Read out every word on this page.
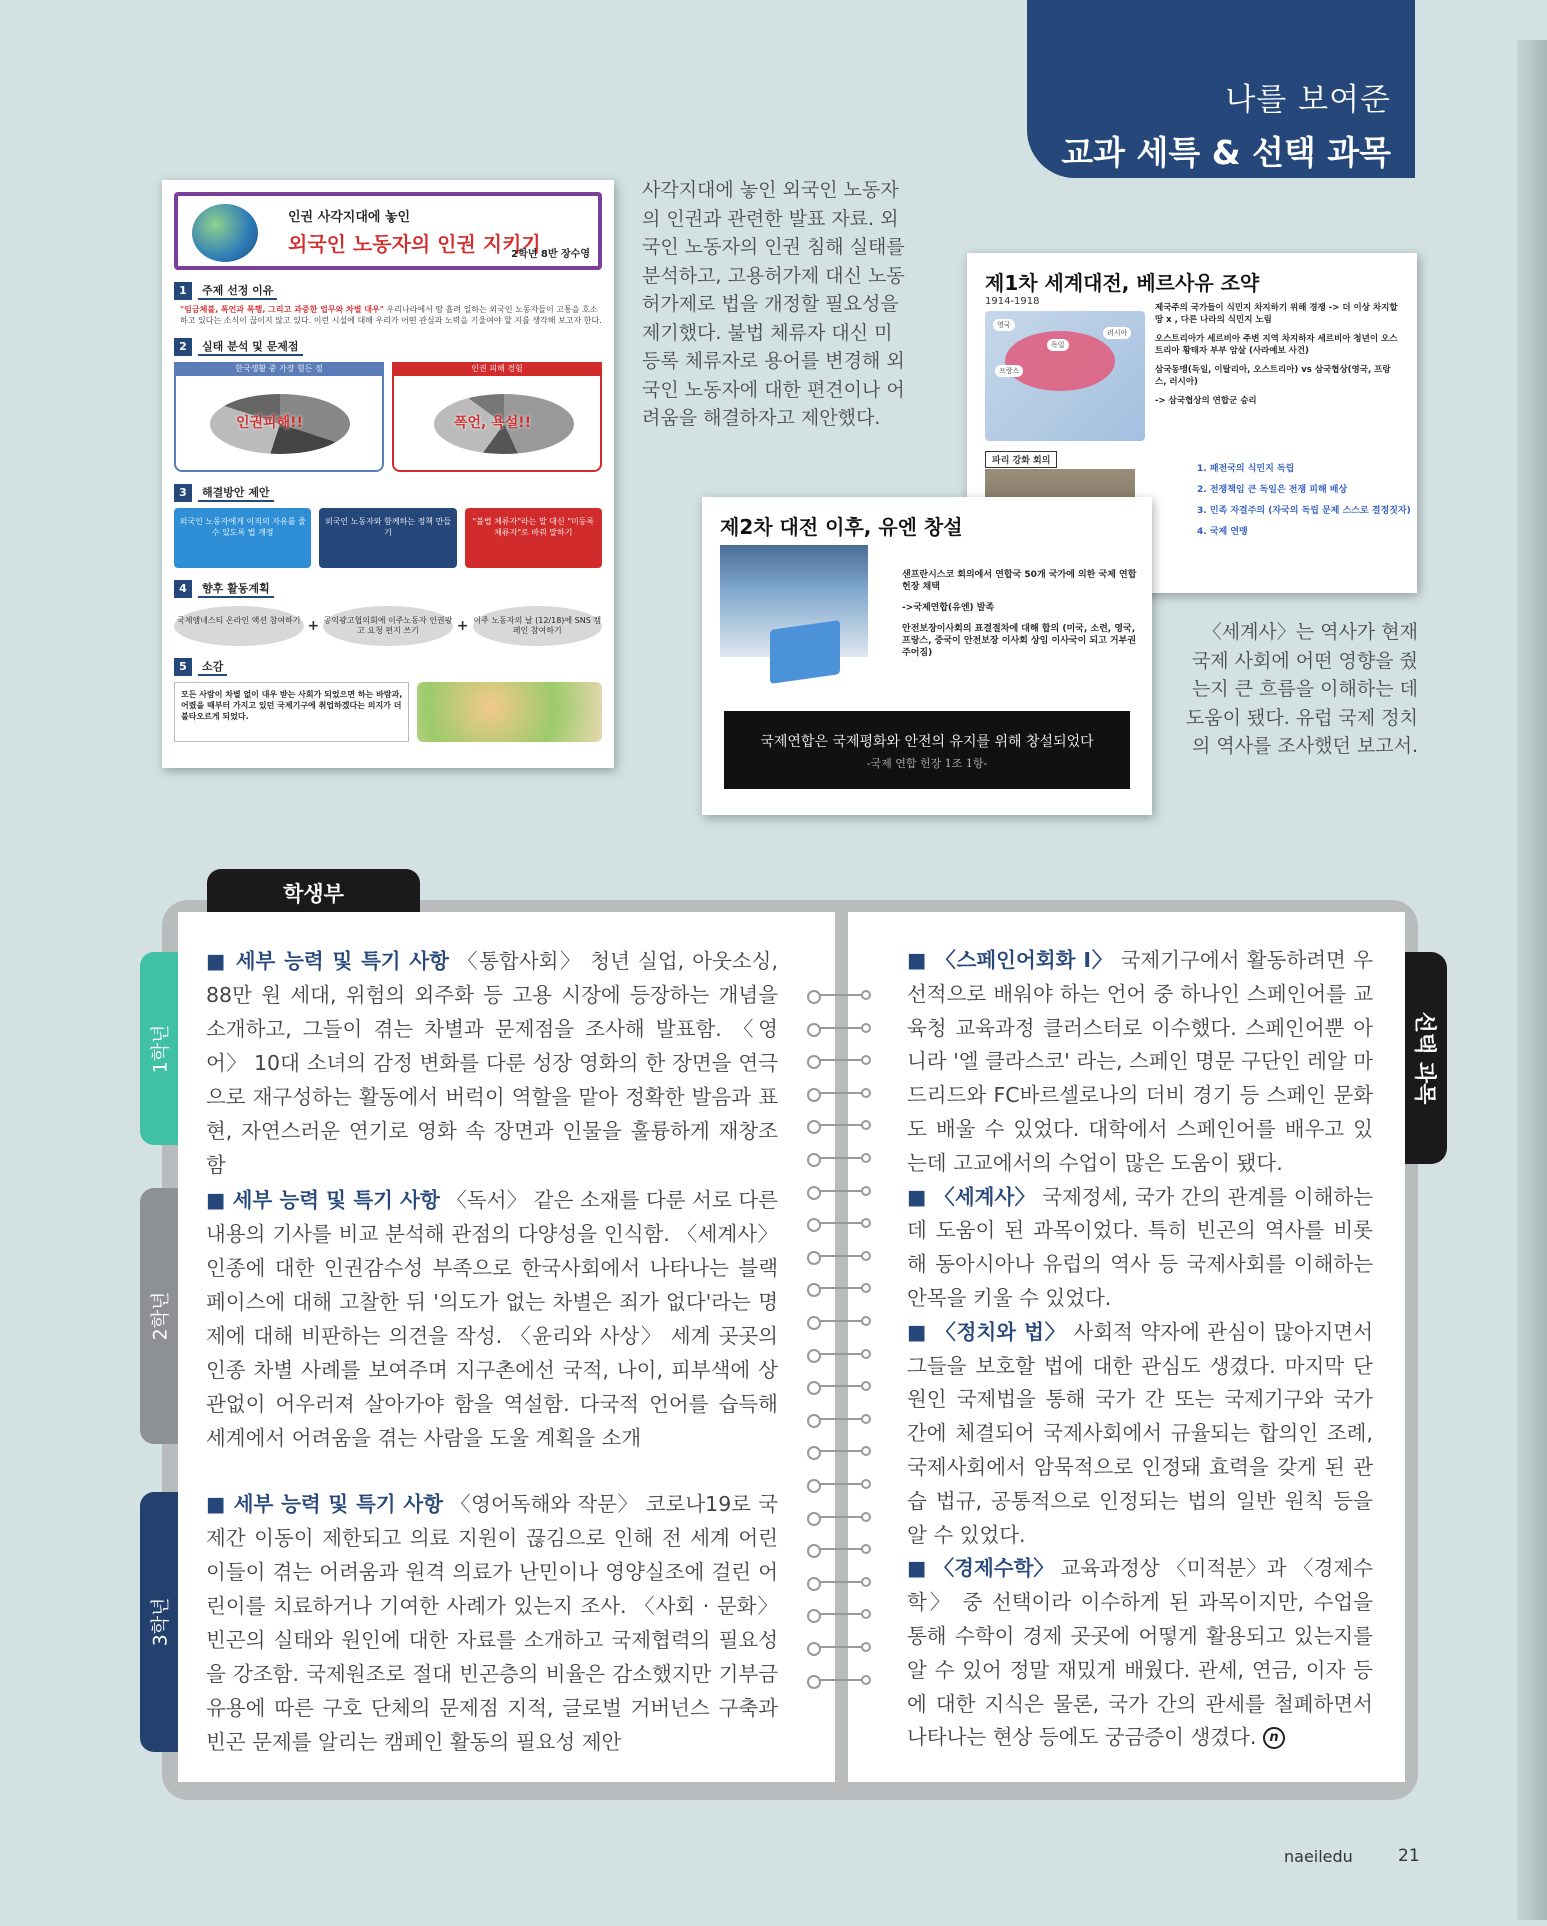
나를 보여준
교과 세특 & 선택 과목
인권 사각지대에 놓인
외국인 노동자의 인권 지키기
2학년 8반 장수영
1	주제 선정 이유
"임금체불, 폭언과 폭행, 그리고 과중한 업무와 차별 대우" 우리나라에서 땀 흘려 일하는 외국인 노동자들이 고통을 호소하고 있다는 소식이 끊이지 않고 있다. 이런 시설에 대해 우리가 어떤 관심과 노력을 기울여야 할 지를 생각해 보고자 한다.
2	실태 분석 및 문제점
한국생활 중 가장 힘든 점
인권피해!!
인권 피해 경험
폭언, 욕설!!
3	해결방안 제안
외국인 노동자에게 이직의 자유를 줄 수 있도록 법 개정
외국인 노동자와 함께하는 정책 만들기
"불법 체류자"라는 말 대신 "미등록 체류자"로 바꿔 말하기
4	향후 활동계획
국제앰네스티 온라인 액션 참여하기 + 공익광고협의회에 이주노동자 인권광고 요청 편지 쓰기	+ 이주 노동자의 날 (12/18)에 SNS 캠페인 참여하기
5	소감
모든 사람이 차별 없이 대우 받는 사회가 되었으면 하는 바람과, 어렸을 때부터 가지고 있던 국제기구에 취업하겠다는 의지가 더 불타오르게 되었다.
사각지대에 놓인 외국인 노동자의 인권과 관련한 발표 자료. 외국인 노동자의 인권 침해 실태를 분석하고, 고용허가제 대신 노동허가제로 법을 개정할 필요성을 제기했다. 불법 체류자 대신 미등록 체류자로 용어를 변경해 외국인 노동자에 대한 편견이나 어려움을 해결하자고 제안했다.
제1차 세계대전, 베르사유 조약
1914-1918
영국
독일
러시아
프랑스

제국주의 국가들이 식민지 차지하기 위해 경쟁 -> 더 이상 차지할 땅 x , 다른 나라의 식민지 노림

오스트리아가 세르비아 주변 지역 차지하자 세르비아 청년이 오스트리아 황태자 부부 암살 (사라예보 사건)

삼국동맹(독일, 이탈리아, 오스트리아) vs 삼국협상(영국, 프랑스, 러시아)

-> 삼국협상의 연합군 승리

파리 강화 회의

1. 패전국의 식민지 독립

2. 전쟁책임 큰 독일은 전쟁 피해 배상

3. 민족 자결주의 (자국의 독립 문제 스스로 결정짓자)

4. 국제 연맹

제2차 대전 이후, 유엔 창설

샌프란시스코 회의에서 연합국 50개 국가에 의한 국제 연합헌장 채택

->국제연합(유엔) 발족

안전보장이사회의 표결절차에 대해 합의 (미국, 소련, 영국, 프랑스, 중국이 안전보장 이사회 상임 이사국이 되고 거부권 주어짐)

국제연합은 국제평화와 안전의 유지를 위해 창설되었다
-국제 연합 헌장 1조 1항-
〈세계사〉는 역사가 현재 국제 사회에 어떤 영향을 줬는지 큰 흐름을 이해하는 데 도움이 됐다. 유럽 국제 정치의 역사를 조사했던 보고서.
학생부
1학년
2학년
3학년
선택 과목
■ 세부 능력 및 특기 사항 〈통합사회〉 청년 실업, 아웃소싱, 88만 원 세대, 위험의 외주화 등 고용 시장에 등장하는 개념을 소개하고, 그들이 겪는 차별과 문제점을 조사해 발표함. 〈영어〉 10대 소녀의 감정 변화를 다룬 성장 영화의 한 장면을 연극으로 재구성하는 활동에서 버럭이 역할을 맡아 정확한 발음과 표현, 자연스러운 연기로 영화 속 장면과 인물을 훌륭하게 재창조함
■ 세부 능력 및 특기 사항 〈독서〉 같은 소재를 다룬 서로 다른 내용의 기사를 비교 분석해 관점의 다양성을 인식함. 〈세계사〉 인종에 대한 인권감수성 부족으로 한국사회에서 나타나는 블랙페이스에 대해 고찰한 뒤 '의도가 없는 차별은 죄가 없다'라는 명제에 대해 비판하는 의견을 작성. 〈윤리와 사상〉 세계 곳곳의 인종 차별 사례를 보여주며 지구촌에선 국적, 나이, 피부색에 상관없이 어우러져 살아가야 함을 역설함. 다국적 언어를 습득해 세계에서 어려움을 겪는 사람을 도울 계획을 소개
■ 세부 능력 및 특기 사항 〈영어독해와 작문〉 코로나19로 국제간 이동이 제한되고 의료 지원이 끊김으로 인해 전 세계 어린이들이 겪는 어려움과 원격 의료가 난민이나 영양실조에 걸린 어린이를 치료하거나 기여한 사례가 있는지 조사. 〈사회 · 문화〉 빈곤의 실태와 원인에 대한 자료를 소개하고 국제협력의 필요성을 강조함. 국제원조로 절대 빈곤층의 비율은 감소했지만 기부금 유용에 따른 구호 단체의 문제점 지적, 글로벌 거버넌스 구축과 빈곤 문제를 알리는 캠페인 활동의 필요성 제안
■ 〈스페인어회화 Ⅰ〉 국제기구에서 활동하려면 우선적으로 배워야 하는 언어 중 하나인 스페인어를 교육청 교육과정 클러스터로 이수했다. 스페인어뿐 아니라 '엘 클라스코' 라는, 스페인 명문 구단인 레알 마드리드와 FC바르셀로나의 더비 경기 등 스페인 문화도 배울 수 있었다. 대학에서 스페인어를 배우고 있는데 고교에서의 수업이 많은 도움이 됐다.
■ 〈세계사〉 국제정세, 국가 간의 관계를 이해하는 데 도움이 된 과목이었다. 특히 빈곤의 역사를 비롯해 동아시아나 유럽의 역사 등 국제사회를 이해하는 안목을 키울 수 있었다.
■ 〈정치와 법〉 사회적 약자에 관심이 많아지면서 그들을 보호할 법에 대한 관심도 생겼다. 마지막 단원인 국제법을 통해 국가 간 또는 국제기구와 국가 간에 체결되어 국제사회에서 규율되는 합의인 조례, 국제사회에서 암묵적으로 인정돼 효력을 갖게 된 관습 법규, 공통적으로 인정되는 법의 일반 원칙 등을 알 수 있었다.
■ 〈경제수학〉 교육과정상 〈미적분〉과 〈경제수학〉 중 선택이라 이수하게 된 과목이지만, 수업을 통해 수학이 경제 곳곳에 어떻게 활용되고 있는지를 알 수 있어 정말 재밌게 배웠다. 관세, 연금, 이자 등에 대한 지식은 물론, 국가 간의 관세를 철폐하면서 나타나는 현상 등에도 궁금증이 생겼다. n
naeiledu	21
